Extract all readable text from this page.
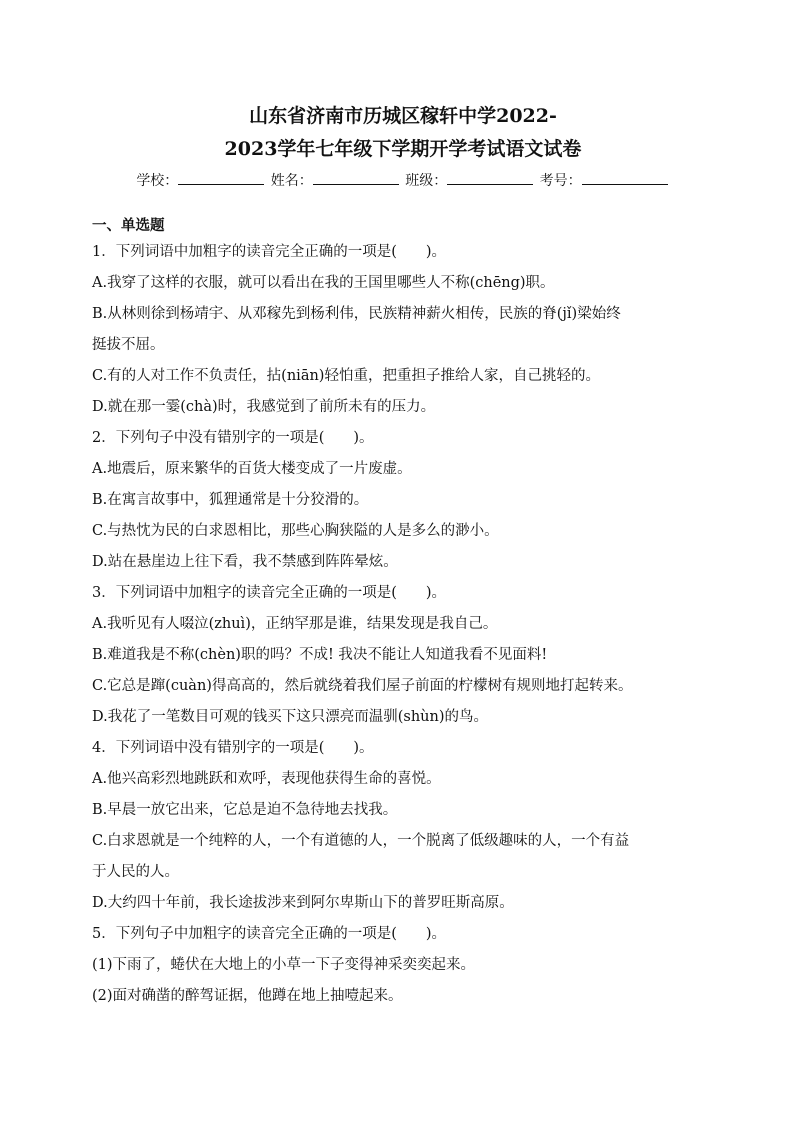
山东省济南市历城区稼轩中学2022-
2023学年七年级下学期开学考试语文试卷
学校：	姓名：	班级：	考号：
一、单选题
1．下列词语中加粗字的读音完全正确的一项是(　　)。
A.我穿了这样的衣服，就可以看出在我的王国里哪些人不称(chēng)职。
B.从林则徐到杨靖宇、从邓稼先到杨利伟，民族精神薪火相传，民族的脊(jǐ)梁始终
挺拔不屈。
C.有的人对工作不负责任，拈(niān)轻怕重，把重担子推给人家，自己挑轻的。
D.就在那一霎(chà)时，我感觉到了前所未有的压力。
2．下列句子中没有错别字的一项是(　　)。
A.地震后，原来繁华的百货大楼变成了一片废虚。
B.在寓言故事中，狐狸通常是十分狡滑的。
C.与热忱为民的白求恩相比，那些心胸狭隘的人是多么的渺小。
D.站在悬崖边上往下看，我不禁感到阵阵晕炫。
3．下列词语中加粗字的读音完全正确的一项是(　　)。
A.我听见有人啜泣(zhuì)，正纳罕那是谁，结果发现是我自己。
B.难道我是不称(chèn)职的吗？不成! 我决不能让人知道我看不见面料!
C.它总是蹿(cuàn)得高高的，然后就绕着我们屋子前面的柠檬树有规则地打起转来。
D.我花了一笔数目可观的钱买下这只漂亮而温驯(shùn)的鸟。
4．下列词语中没有错别字的一项是(　　)。
A.他兴高彩烈地跳跃和欢呼，表现他获得生命的喜悦。
B.早晨一放它出来，它总是迫不急待地去找我。
C.白求恩就是一个纯粹的人，一个有道德的人，一个脱离了低级趣味的人，一个有益
于人民的人。
D.大约四十年前，我长途拔涉来到阿尔卑斯山下的普罗旺斯高原。
5．下列句子中加粗字的读音完全正确的一项是(　　)。
(1)下雨了，蜷伏在大地上的小草一下子变得神采奕奕起来。
(2)面对确凿的醉驾证据，他蹲在地上抽噎起来。
